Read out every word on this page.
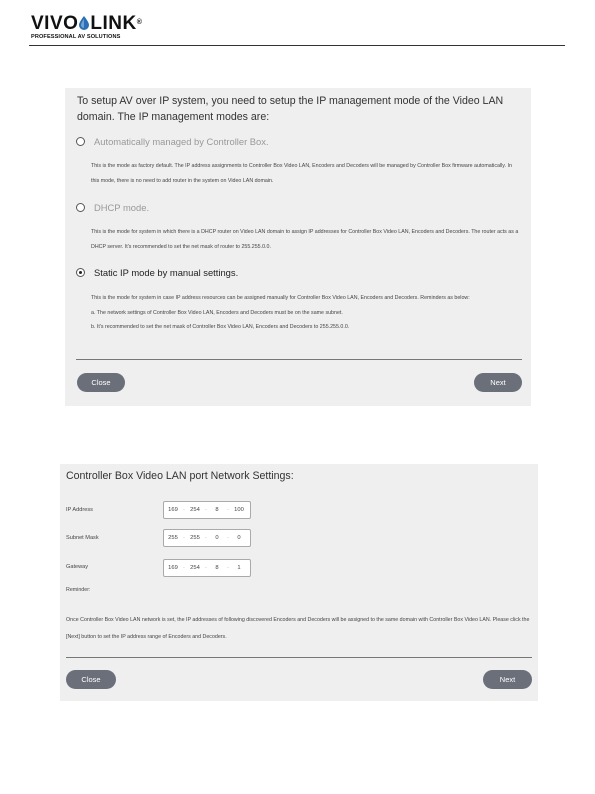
VIVO LINK®
PROFESSIONAL AV SOLUTIONS
To setup AV over IP system, you need to setup the IP management mode of the Video LAN domain. The IP management modes are:
Automatically managed by Controller Box.
This is the mode as factory default. The IP address assignments to Controller Box Video LAN, Encoders and Decoders will be managed by Controller Box firmware automatically. In this mode, there is no need to add router in the system on Video LAN domain.
DHCP mode.
This is the mode for system in which there is a DHCP router on Video LAN domain to assign IP addresses for Controller Box Video LAN, Encoders and Decoders. The router acts as a DHCP server. It's recommended to set the net mask of router to 255.255.0.0.
Static IP mode by manual settings.
This is the mode for system in case IP address resources can be assigned manually for Controller Box Video LAN, Encoders and Decoders. Reminders as below:
a. The network settings of Controller Box Video LAN, Encoders and Decoders must be on the same subnet.
b. It's recommended to set the net mask of Controller Box Video LAN, Encoders and Decoders to 255.255.0.0.
Close	Next
Controller Box Video LAN port Network Settings:
IP Address	169 · 254 ·	8	· 100
Subnet Mask	255 · 255 ·	0	·	0
Gateway	169 · 254 ·	8	·	1
Reminder:
Once Controller Box Video LAN network is set, the IP addresses of following discovered Encoders and Decoders will be assigned to the same domain with Controller Box Video LAN. Please click the [Next] button to set the IP address range of Encoders and Decoders.
Close	Next
